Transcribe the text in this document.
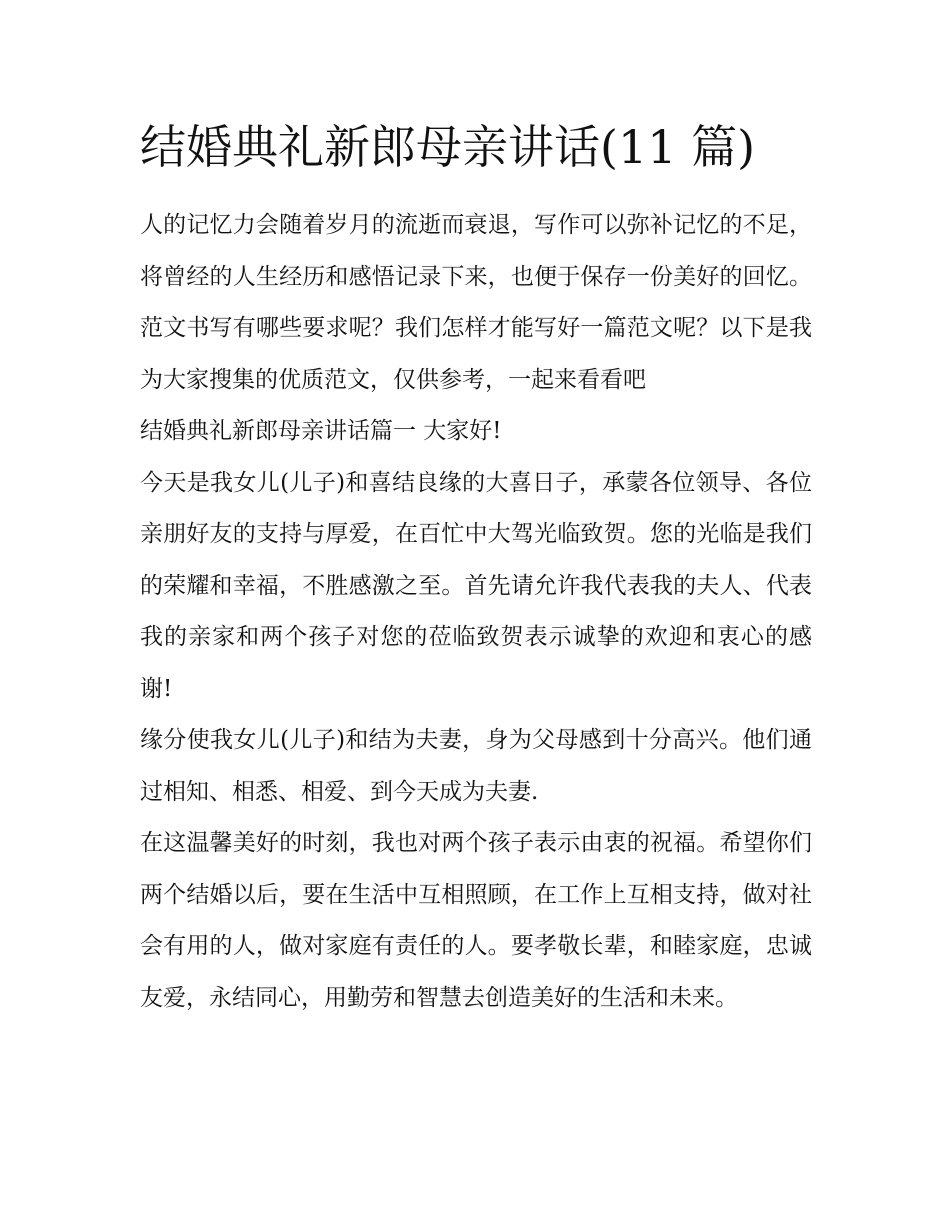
结婚典礼新郎母亲讲话(11 篇)

人的记忆力会随着岁月的流逝而衰退，写作可以弥补记忆的不足，将曾经的人生经历和感悟记录下来，也便于保存一份美好的回忆。范文书写有哪些要求呢？我们怎样才能写好一篇范文呢？以下是我为大家搜集的优质范文，仅供参考，一起来看看吧

结婚典礼新郎母亲讲话篇一 大家好!

今天是我女儿(儿子)和喜结良缘的大喜日子，承蒙各位领导、各位亲朋好友的支持与厚爱，在百忙中大驾光临致贺。您的光临是我们的荣耀和幸福，不胜感激之至。首先请允许我代表我的夫人、代表我的亲家和两个孩子对您的莅临致贺表示诚挚的欢迎和衷心的感谢!

缘分使我女儿(儿子)和结为夫妻，身为父母感到十分高兴。他们通过相知、相悉、相爱、到今天成为夫妻.

在这温馨美好的时刻，我也对两个孩子表示由衷的祝福。希望你们两个结婚以后，要在生活中互相照顾，在工作上互相支持，做对社会有用的人，做对家庭有责任的人。要孝敬长辈，和睦家庭，忠诚友爱，永结同心，用勤劳和智慧去创造美好的生活和未来。
